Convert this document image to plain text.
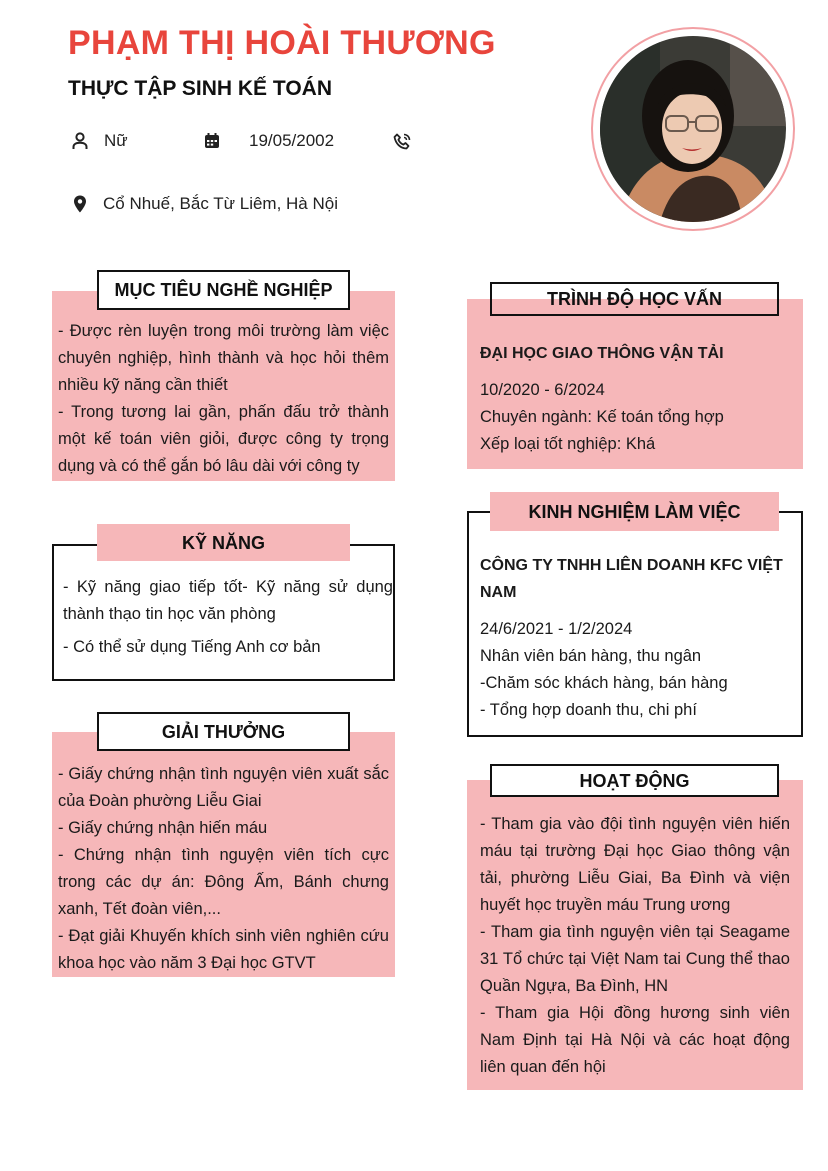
PHẠM THỊ HOÀI THƯƠNG
THỰC TẬP SINH KẾ TOÁN
Nữ	19/05/2002
Cổ Nhuế, Bắc Từ Liêm, Hà Nội
MỤC TIÊU NGHỀ NGHIỆP

- Được rèn luyện trong môi trường làm việc chuyên nghiệp, hình thành và học hỏi thêm nhiều kỹ năng cần thiết

- Trong tương lai gần, phấn đấu trở thành một kế toán viên giỏi, được công ty trọng dụng và có thể gắn bó lâu dài với công ty

KỸ NĂNG

- Kỹ năng giao tiếp tốt- Kỹ năng sử dụng thành thạo tin học văn phòng

- Có thể sử dụng Tiếng Anh cơ bản

GIẢI THƯỞNG

- Giấy chứng nhận tình nguyện viên xuất sắc của Đoàn phường Liễu Giai

- Giấy chứng nhận hiến máu

- Chứng nhận tình nguyện viên tích cực trong các dự án: Đông Ấm, Bánh chưng xanh, Tết đoàn viên,...

- Đạt giải Khuyến khích sinh viên nghiên cứu khoa học vào năm 3 Đại học GTVT

TRÌNH ĐỘ HỌC VẤN
ĐẠI HỌC GIAO THÔNG VẬN TẢI
10/2020 - 6/2024
Chuyên ngành: Kế toán tổng hợp
Xếp loại tốt nghiệp: Khá
KINH NGHIỆM LÀM VIỆC
CÔNG TY TNHH LIÊN DOANH KFC VIỆT NAM
24/6/2021 - 1/2/2024
Nhân viên bán hàng, thu ngân
-Chăm sóc khách hàng, bán hàng
- Tổng hợp doanh thu, chi phí
HOẠT ĐỘNG

- Tham gia vào đội tình nguyện viên hiến máu tại trường Đại học Giao thông vận tải, phường Liễu Giai, Ba Đình và viện huyết học truyền máu Trung ương

- Tham gia tình nguyện viên tại Seagame 31 Tổ chức tại Việt Nam tai Cung thể thao Quần Ngựa, Ba Đình, HN

- Tham gia Hội đồng hương sinh viên Nam Định tại Hà Nội và các hoạt động liên quan đến hội
